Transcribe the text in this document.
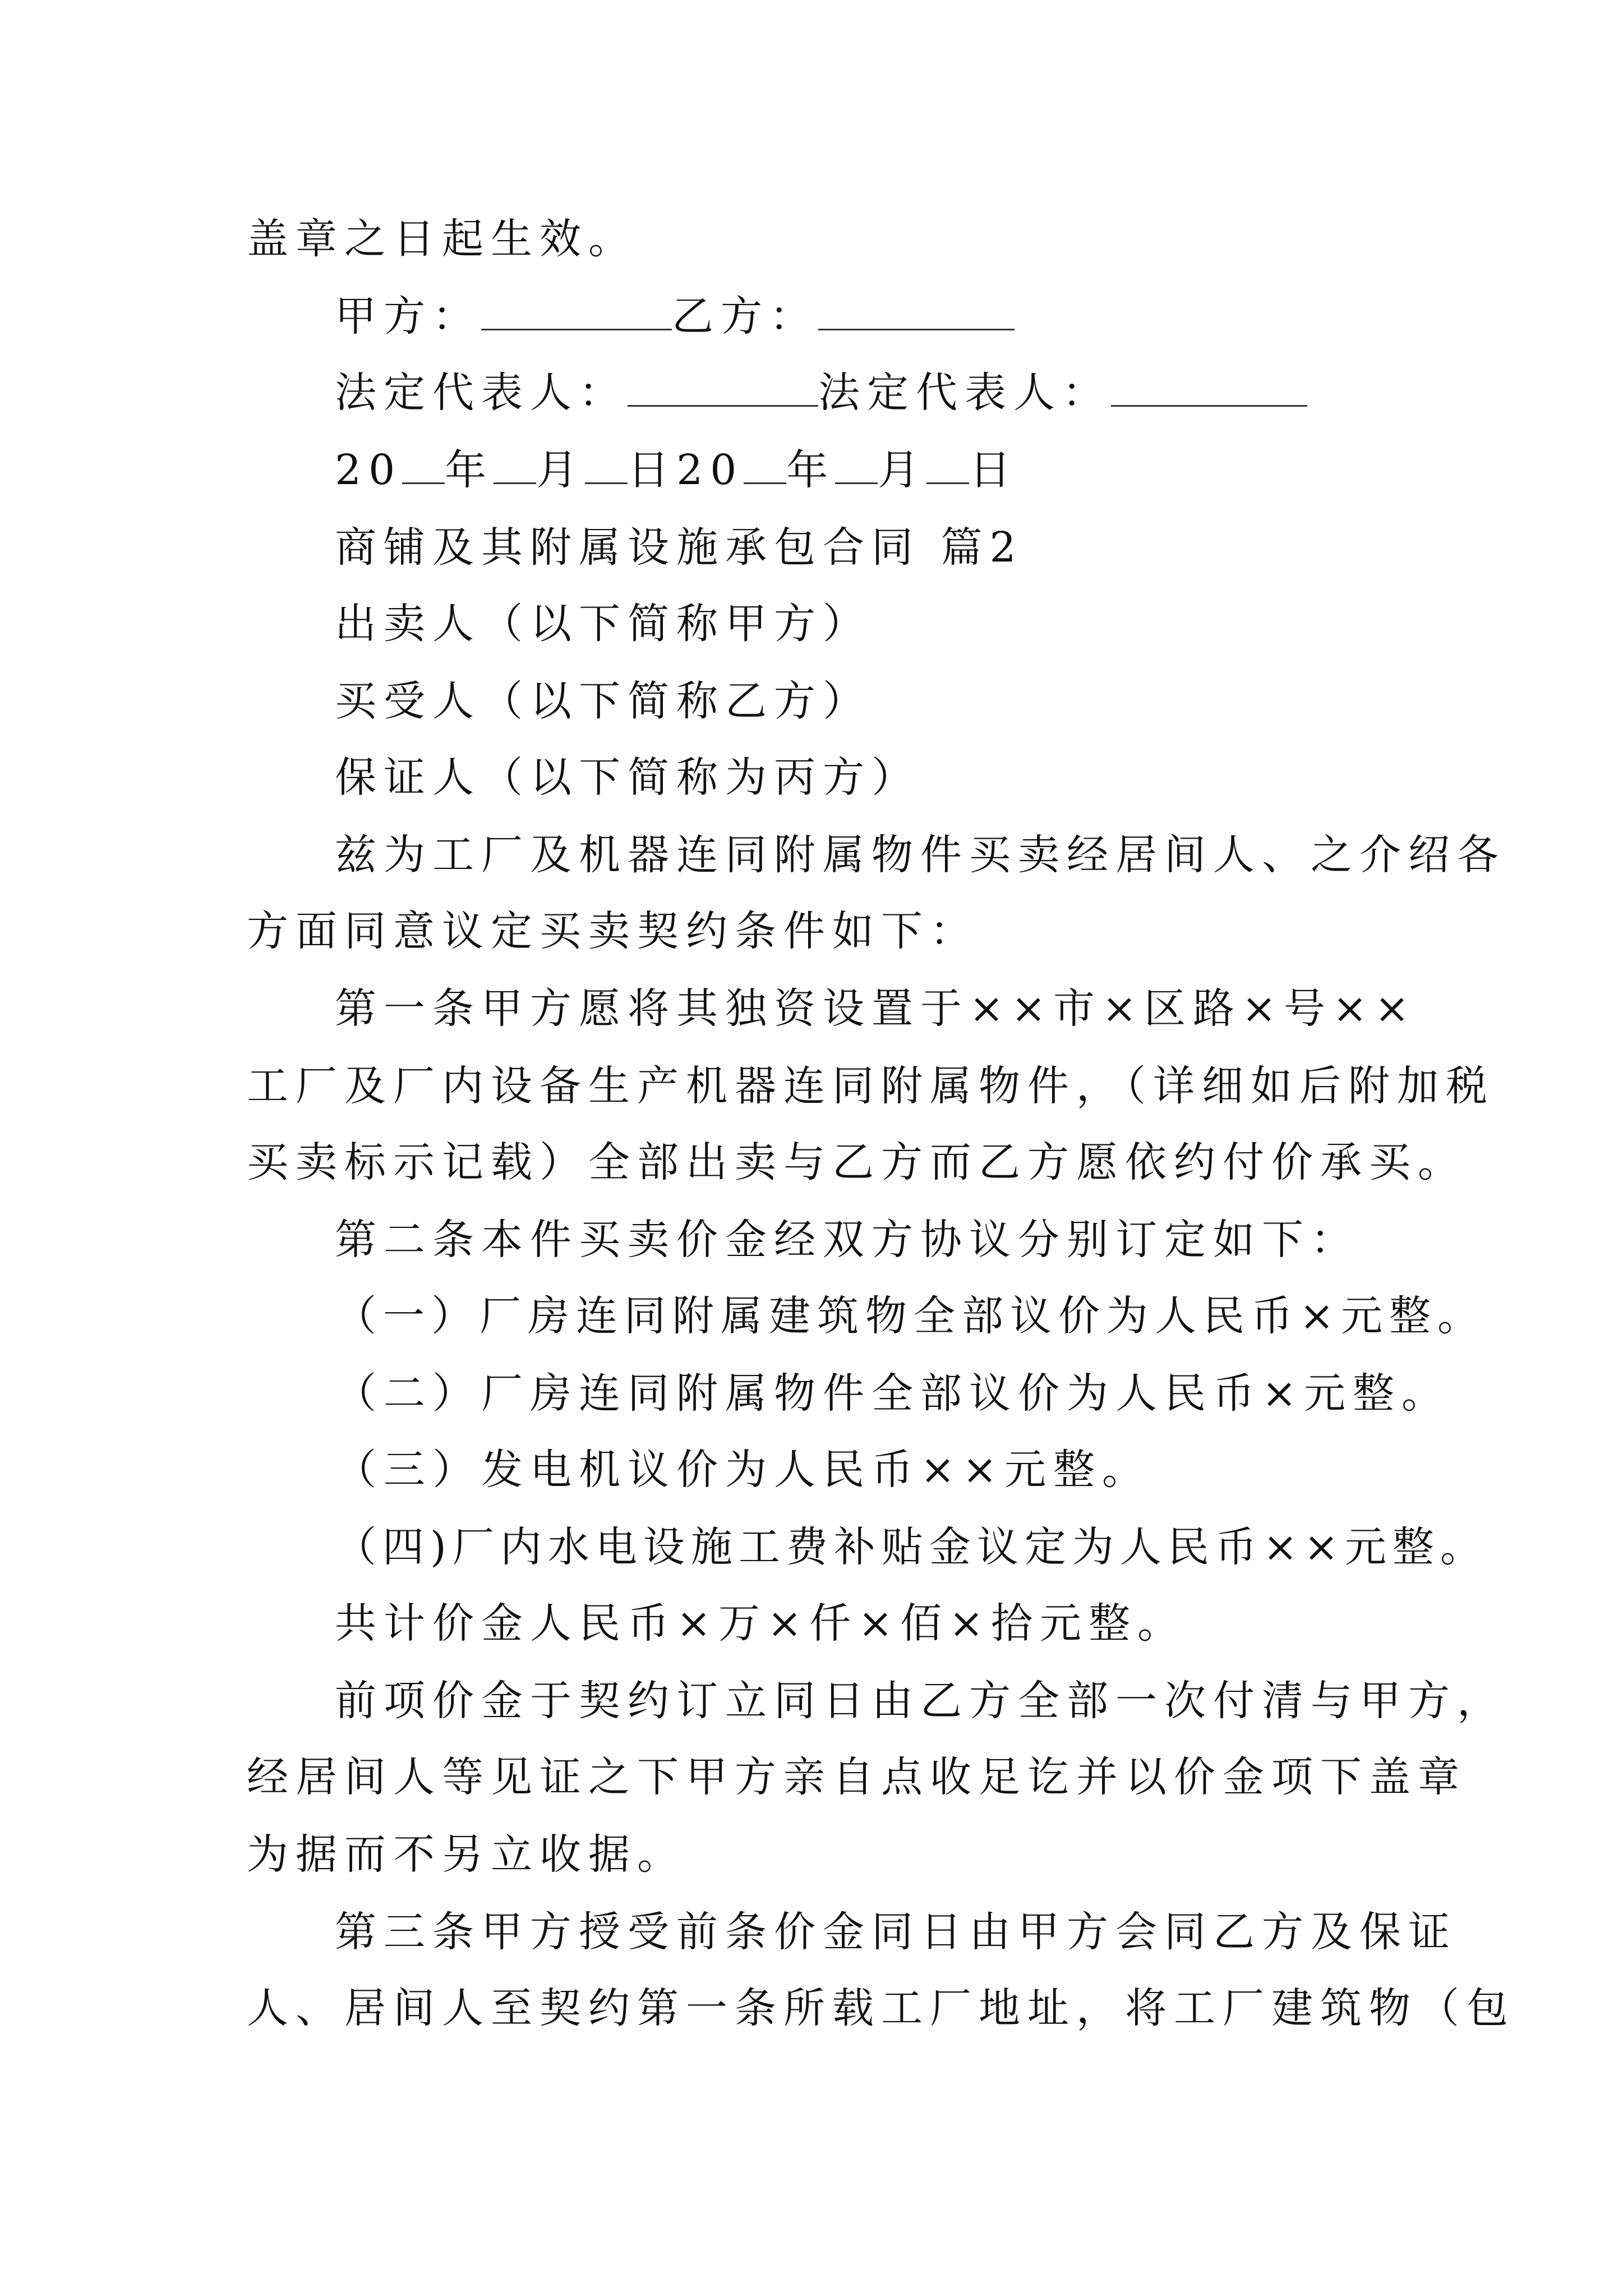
盖章之日起生效。
甲方：	乙方：
法定代表人：	法定代表人：
20 年 月 日20 年 月 日
商铺及其附属设施承包合同 篇2
出卖人（以下简称甲方）
买受人（以下简称乙方）
保证人（以下简称为丙方）
兹为工厂及机器连同附属物件买卖经居间人、之介绍各
方面同意议定买卖契约条件如下：
第一条甲方愿将其独资设置于××市×区路×号××
工厂及厂内设备生产机器连同附属物件，（详细如后附加税
买卖标示记载）全部出卖与乙方而乙方愿依约付价承买。
第二条本件买卖价金经双方协议分别订定如下：
（一）厂房连同附属建筑物全部议价为人民币×元整。
（二）厂房连同附属物件全部议价为人民币×元整。
（三）发电机议价为人民币××元整。
（四)厂内水电设施工费补贴金议定为人民币××元整。
共计价金人民币×万×仟×佰×拾元整。
前项价金于契约订立同日由乙方全部一次付清与甲方，
经居间人等见证之下甲方亲自点收足讫并以价金项下盖章
为据而不另立收据。
第三条甲方授受前条价金同日由甲方会同乙方及保证
人、居间人至契约第一条所载工厂地址，将工厂建筑物（包
